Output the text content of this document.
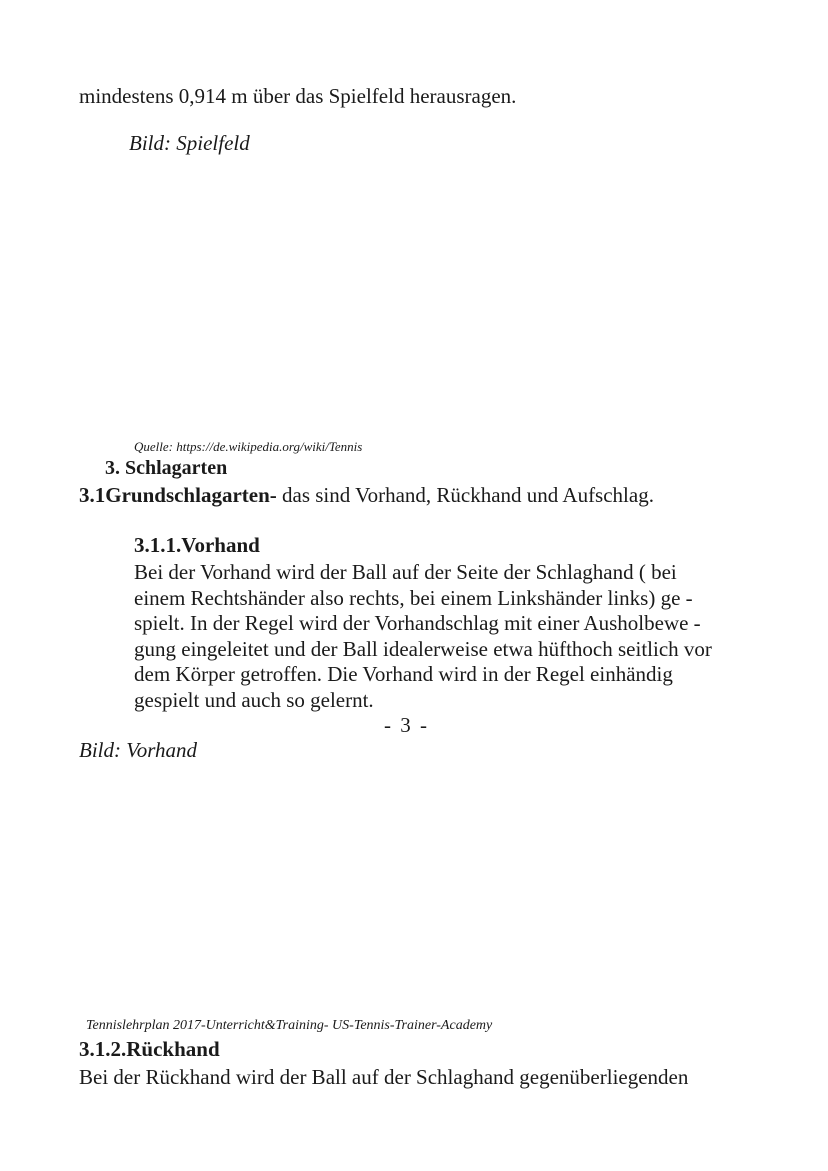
mindestens 0,914 m über das Spielfeld herausragen.
Bild: Spielfeld
Quelle: https://de.wikipedia.org/wiki/Tennis
3. Schlagarten
3.1Grundschlagarten- das sind Vorhand, Rückhand und Aufschlag.
3.1.1.Vorhand
Bei der Vorhand wird der Ball auf der Seite der Schlaghand ( bei
einem Rechtshänder also rechts, bei einem Linkshänder links) ge -
spielt. In der Regel wird der Vorhandschlag mit einer Ausholbewe -
gung eingeleitet und der Ball idealerweise etwa hüfthoch seitlich vor
dem Körper getroffen. Die Vorhand wird in der Regel einhändig
gespielt und auch so gelernt.
- 3 -
Bild: Vorhand
Tennislehrplan 2017-Unterricht&Training- US-Tennis-Trainer-Academy
3.1.2.Rückhand
Bei der Rückhand wird der Ball auf der Schlaghand gegenüberliegenden
